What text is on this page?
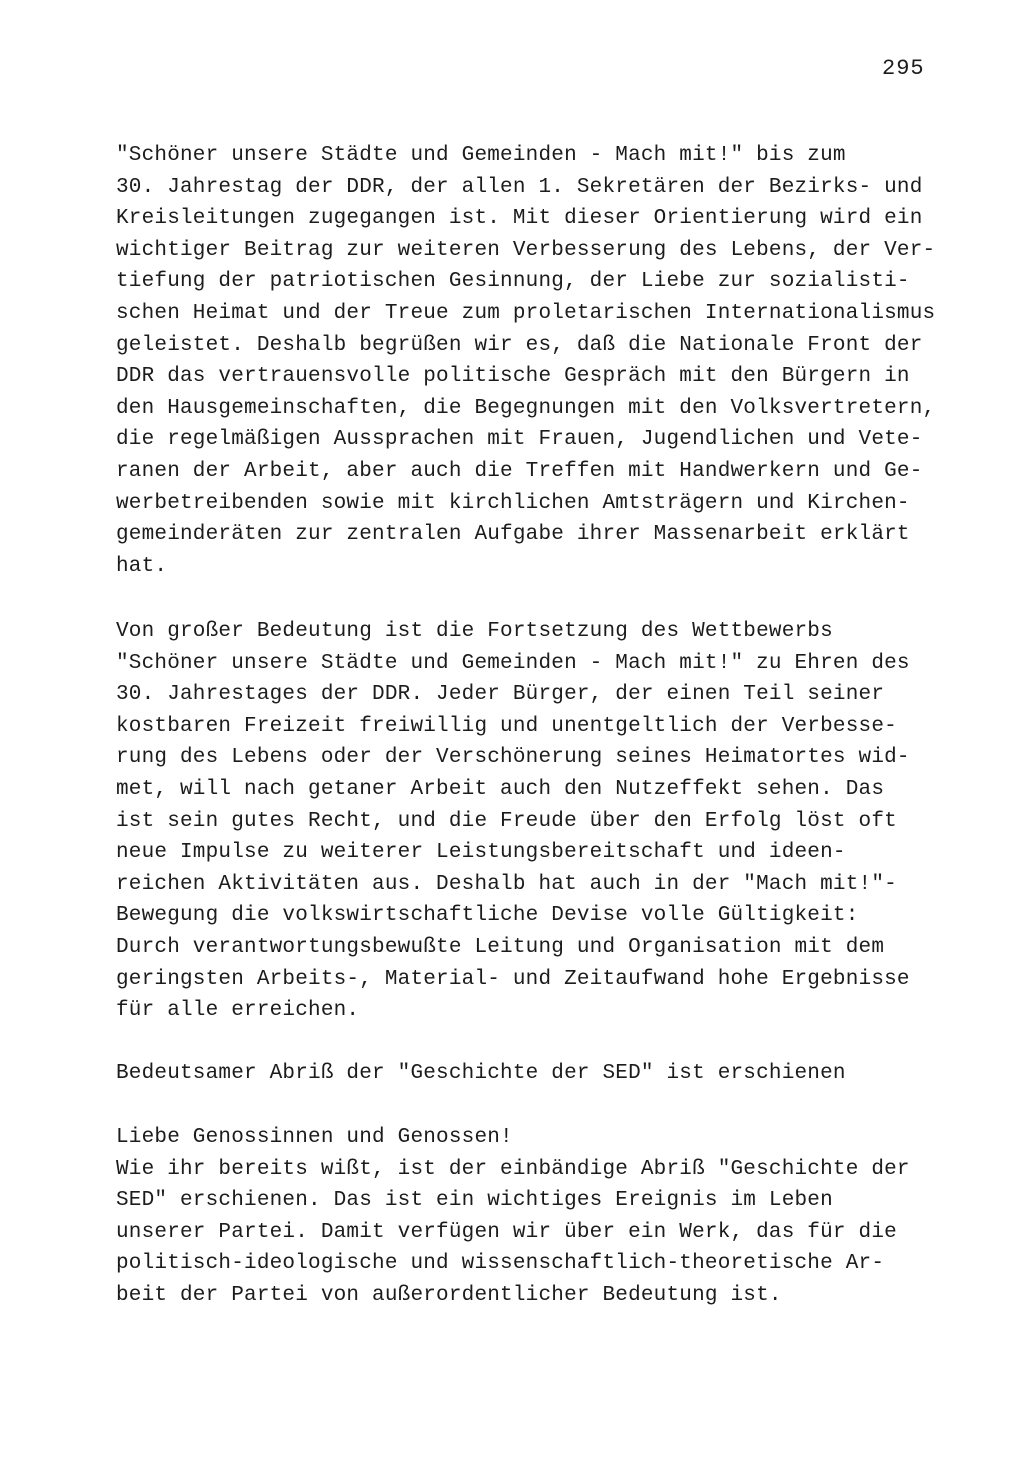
295
"Schöner unsere Städte und Gemeinden - Mach mit!" bis zum
30. Jahrestag der DDR, der allen 1. Sekretären der Bezirks- und
Kreisleitungen zugegangen ist. Mit dieser Orientierung wird ein
wichtiger Beitrag zur weiteren Verbesserung des Lebens, der Ver-
tiefung der patriotischen Gesinnung, der Liebe zur sozialisti-
schen Heimat und der Treue zum proletarischen Internationalismus
geleistet. Deshalb begrüßen wir es, daß die Nationale Front der
DDR das vertrauensvolle politische Gespräch mit den Bürgern in
den Hausgemeinschaften, die Begegnungen mit den Volksvertretern,
die regelmäßigen Aussprachen mit Frauen, Jugendlichen und Vete-
ranen der Arbeit, aber auch die Treffen mit Handwerkern und Ge-
werbetreibenden sowie mit kirchlichen Amtsträgern und Kirchen-
gemeinderäten zur zentralen Aufgabe ihrer Massenarbeit erklärt
hat.
Von großer Bedeutung ist die Fortsetzung des Wettbewerbs
"Schöner unsere Städte und Gemeinden - Mach mit!" zu Ehren des
30. Jahrestages der DDR. Jeder Bürger, der einen Teil seiner
kostbaren Freizeit freiwillig und unentgeltlich der Verbesse-
rung des Lebens oder der Verschönerung seines Heimatortes wid-
met, will nach getaner Arbeit auch den Nutzeffekt sehen. Das
ist sein gutes Recht, und die Freude über den Erfolg löst oft
neue Impulse zu weiterer Leistungsbereitschaft und ideen-
reichen Aktivitäten aus. Deshalb hat auch in der "Mach mit!"-
Bewegung die volkswirtschaftliche Devise volle Gültigkeit:
Durch verantwortungsbewußte Leitung und Organisation mit dem
geringsten Arbeits-, Material- und Zeitaufwand hohe Ergebnisse
für alle erreichen.
Bedeutsamer Abriß der "Geschichte der SED" ist erschienen
Liebe Genossinnen und Genossen!
Wie ihr bereits wißt, ist der einbändige Abriß "Geschichte der
SED" erschienen. Das ist ein wichtiges Ereignis im Leben
unserer Partei. Damit verfügen wir über ein Werk, das für die
politisch-ideologische und wissenschaftlich-theoretische Ar-
beit der Partei von außerordentlicher Bedeutung ist.
